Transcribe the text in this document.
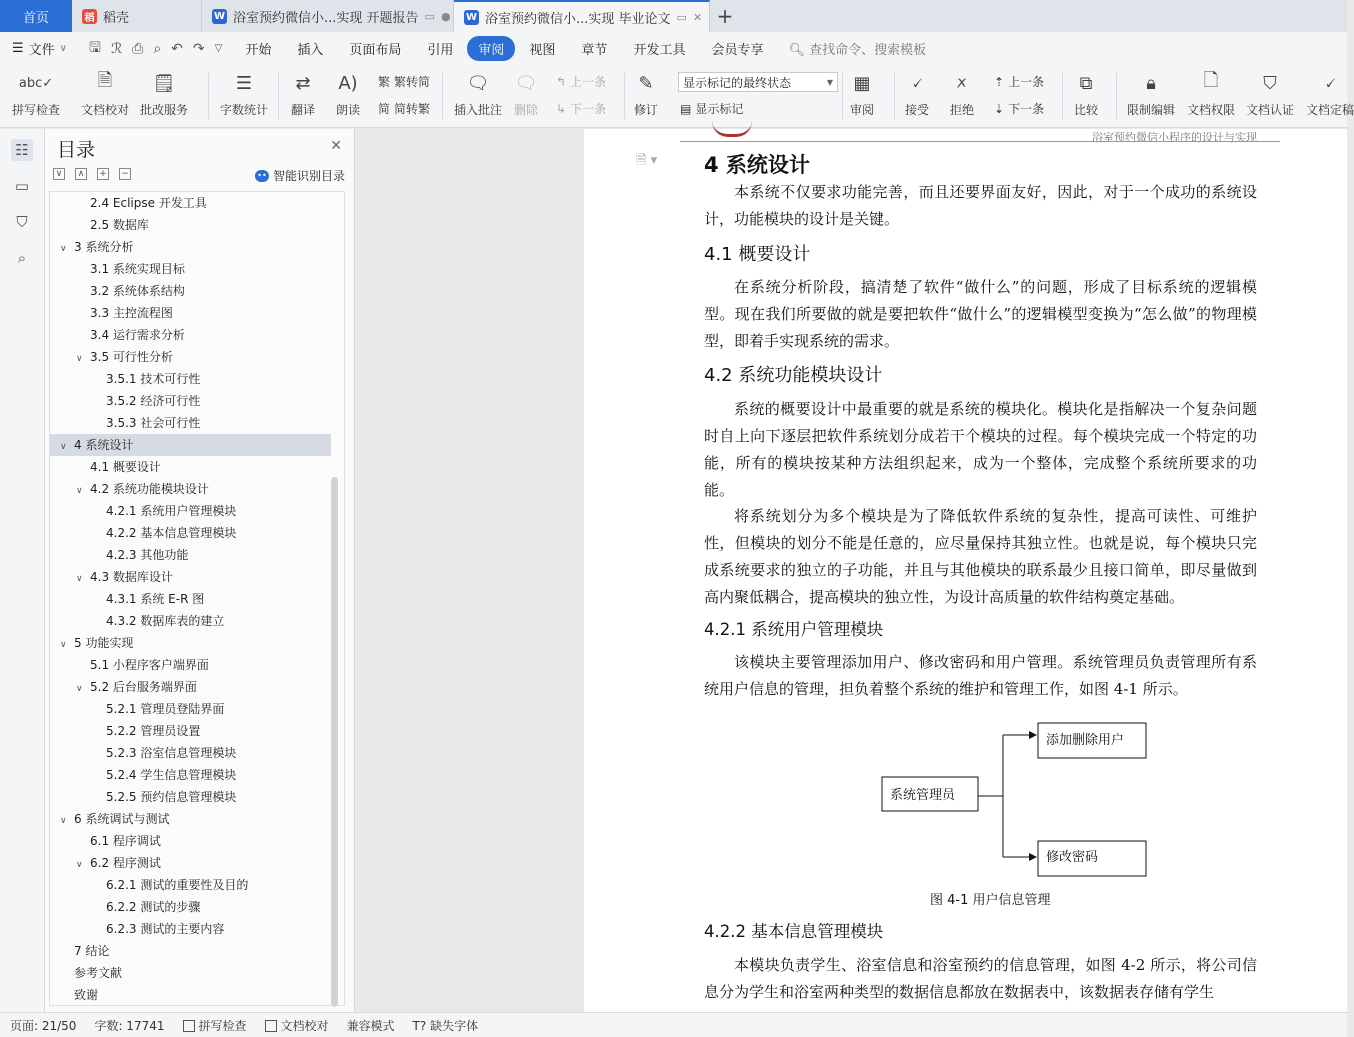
首页	稻 稻壳	W 浴室预约微信小...实现 开题报告 ▭ ● W 浴室预约微信小...实现 毕业论文 ▭ ✕ +
☰ 文件 ∨ 🖫 ℛ ⎙ ⌕ ↶ ↷ ▽	开始	插入	页面布局	引用	审阅	视图	章节	开发工具	会员专享	🔍︎ 查找命令、搜索模板
abc✓
拼写检查
🗎
文档校对
🗒
批改服务
☰
字数统计
⇄
翻译
A)
朗读
繁 繁转简
简 简转繁
🗨
插入批注
🗨
删除
↰ 上一条
↳ 下一条
✎
修订
显示标记的最终状态	▼
▤ 显示标记
▦
审阅
🗸
接受
🗴
拒绝
⇡ 上一条
⇣ 下一条
⧉
比较
🔒︎
限制编辑
🗋
文档权限
⛉
文档认证
🗸
文档定稿
☷
▭
⛉
⌕
目录	✕
∨	∧	+ −	•• 智能识别目录
致谢
参考文献
7 结论
6.2.3 测试的主要内容
6.2.2 测试的步骤
6.2.1 测试的重要性及目的
∨ 6.2 程序测试
6.1 程序调试
∨ 6 系统调试与测试
5.2.5 预约信息管理模块
5.2.4 学生信息管理模块
5.2.3 浴室信息管理模块
5.2.2 管理员设置
5.2.1 管理员登陆界面
∨ 5.2 后台服务端界面
5.1 小程序客户端界面
∨ 5 功能实现
4.3.2 数据库表的建立
4.3.1 系统 E-R 图
∨ 4.3 数据库设计
4.2.3 其他功能
4.2.2 基本信息管理模块
4.2.1 系统用户管理模块
∨ 4.2 系统功能模块设计
4.1 概要设计
∨ 4 系统设计
3.5.3 社会可行性
3.5.2 经济可行性
3.5.1 技术可行性
∨ 3.5 可行性分析
3.4 运行需求分析
3.3 主控流程图
3.2 系统体系结构
3.1 系统实现目标
∨ 3 系统分析
2.5 数据库
2.4 Eclipse 开发工具
浴室预约微信小程序的设计与实现
🗎 ▾ 4 系统设计
本系统不仅要求功能完善，而且还要界面友好，因此，对于一个成功的系统设计，功能模块的设计是关键。
4.1 概要设计
在系统分析阶段，搞清楚了软件“做什么”的问题，形成了目标系统的逻辑模型。现在我们所要做的就是要把软件“做什么”的逻辑模型变换为“怎么做”的物理模型，即着手实现系统的需求。
4.2 系统功能模块设计
系统的概要设计中最重要的就是系统的模块化。模块化是指解决一个复杂问题时自上向下逐层把软件系统划分成若干个模块的过程。每个模块完成一个特定的功能，所有的模块按某种方法组织起来，成为一个整体，完成整个系统所要求的功能。
将系统划分为多个模块是为了降低软件系统的复杂性，提高可读性、可维护性，但模块的划分不能是任意的，应尽量保持其独立性。也就是说，每个模块只完成系统要求的独立的子功能，并且与其他模块的联系最少且接口简单，即尽量做到高内聚低耦合，提高模块的独立性，为设计高质量的软件结构奠定基础。
4.2.1 系统用户管理模块
该模块主要管理添加用户、修改密码和用户管理。系统管理员负责管理所有系统用户信息的管理，担负着整个系统的维护和管理工作，如图 4-1 所示。
系统管理员
添加删除用户
修改密码
图 4-1 用户信息管理
4.2.2 基本信息管理模块
本模块负责学生、浴室信息和浴室预约的信息管理，如图 4-2 所示，将公司信息分为学生和浴室两种类型的数据信息都放在数据表中，该数据表存储有学生
页面: 21/50 字数: 17741	拼写检查	文档校对 兼容模式 T? 缺失字体
